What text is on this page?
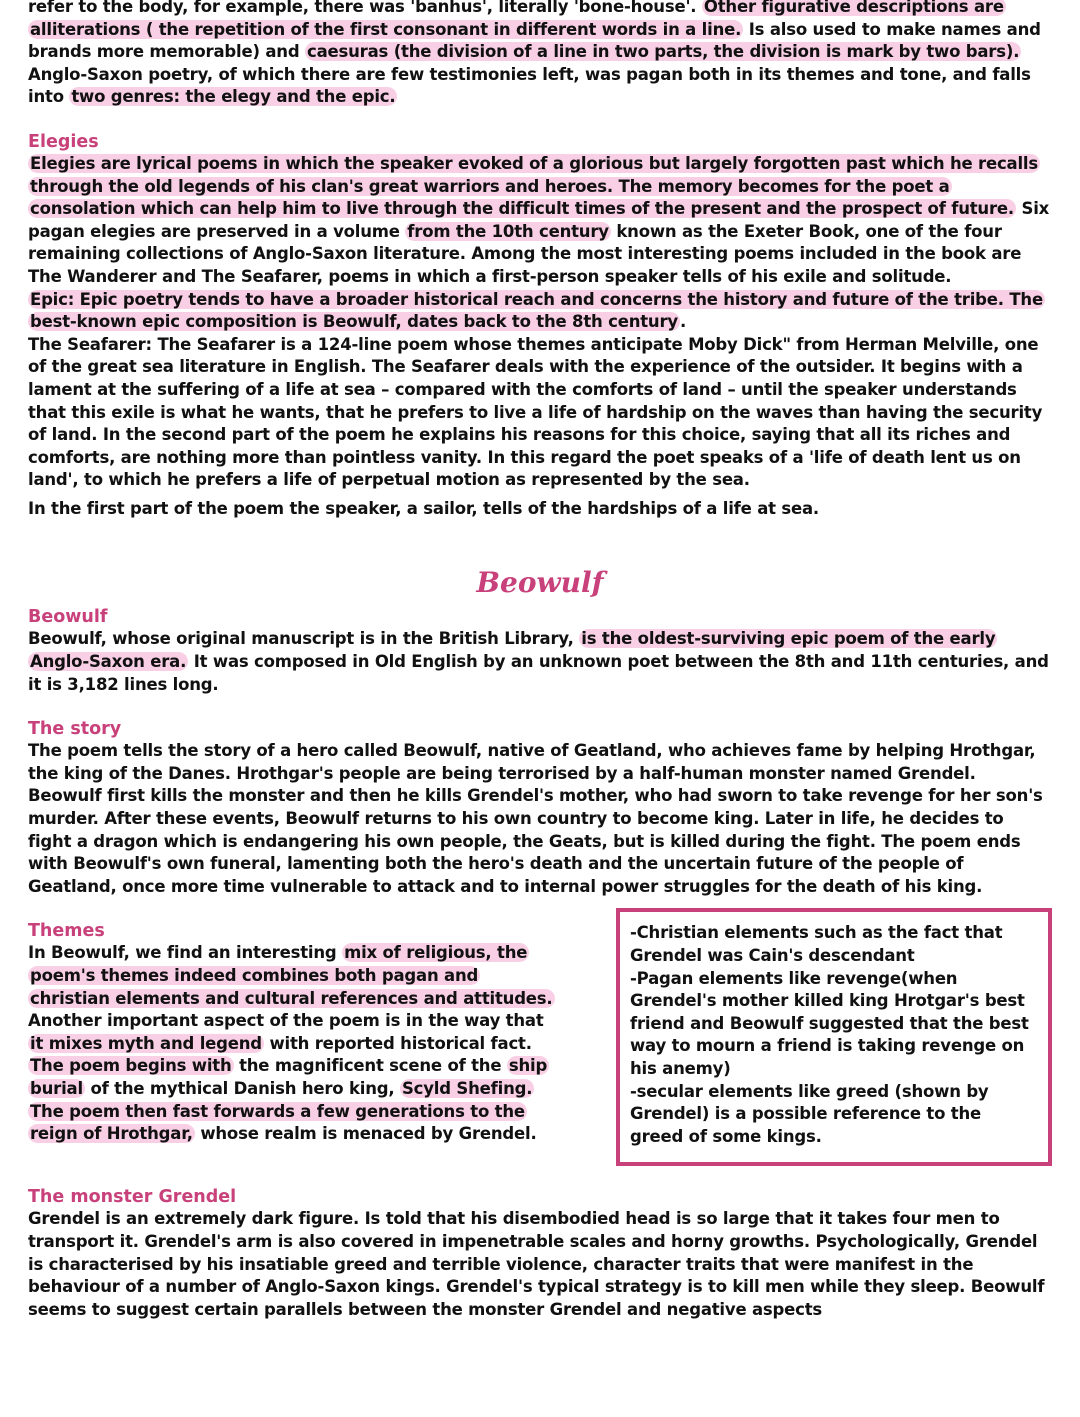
refer to the body, for example, there was 'banhus', literally 'bone-house'. Other figurative descriptions are alliterations ( the repetition of the first consonant in different words in a line. Is also used to make names and brands more memorable) and caesuras (the division of a line in two parts, the division is mark by two bars).

Anglo-Saxon poetry, of which there are few testimonies left, was pagan both in its themes and tone, and falls into two genres: the elegy and the epic.

Elegies

Elegies are lyrical poems in which the speaker evoked of a glorious but largely forgotten past which he recalls through the old legends of his clan's great warriors and heroes. The memory becomes for the poet a consolation which can help him to live through the difficult times of the present and the prospect of future. Six pagan elegies are preserved in a volume from the 10th century known as the Exeter Book, one of the four remaining collections of Anglo-Saxon literature. Among the most interesting poems included in the book are The Wanderer and The Seafarer, poems in which a first-person speaker tells of his exile and solitude.

Epic: Epic poetry tends to have a broader historical reach and concerns the history and future of the tribe. The best-known epic composition is Beowulf, dates back to the 8th century .

The Seafarer: The Seafarer is a 124-line poem whose themes anticipate Moby Dick" from Herman Melville, one of the great sea literature in English. The Seafarer deals with the experience of the outsider. It begins with a lament at the suffering of a life at sea – compared with the comforts of land – until the speaker understands that this exile is what he wants, that he prefers to live a life of hardship on the waves than having the security of land. In the second part of the poem he explains his reasons for this choice, saying that all its riches and comforts, are nothing more than pointless vanity. In this regard the poet speaks of a 'life of death lent us on land', to which he prefers a life of perpetual motion as represented by the sea.

In the first part of the poem the speaker, a sailor, tells of the hardships of a life at sea.

Beowulf
Beowulf

Beowulf, whose original manuscript is in the British Library, is the oldest-surviving epic poem of the early Anglo-Saxon era. It was composed in Old English by an unknown poet between the 8th and 11th centuries, and it is 3,182 lines long.

The story

The poem tells the story of a hero called Beowulf, native of Geatland, who achieves fame by helping Hrothgar, the king of the Danes. Hrothgar's people are being terrorised by a half-human monster named Grendel. Beowulf first kills the monster and then he kills Grendel's mother, who had sworn to take revenge for her son's murder. After these events, Beowulf returns to his own country to become king. Later in life, he decides to fight a dragon which is endangering his own people, the Geats, but is killed during the fight. The poem ends with Beowulf's own funeral, lamenting both the hero's death and the uncertain future of the people of Geatland, once more time vulnerable to attack and to internal power struggles for the death of his king.

Themes

In Beowulf, we find an interesting mix of religious, the poem's themes indeed combines both pagan and christian elements and cultural references and attitudes. Another important aspect of the poem is in the way that it mixes myth and legend with reported historical fact. The poem begins with the magnificent scene of the ship burial of the mythical Danish hero king, Scyld Shefing. The poem then fast forwards a few generations to the reign of Hrothgar, whose realm is menaced by Grendel.

-Christian elements such as the fact that Grendel was Cain's descendant

-Pagan elements like revenge(when Grendel's mother killed king Hrotgar's best friend and Beowulf suggested that the best way to mourn a friend is taking revenge on his anemy)

-secular elements like greed (shown by Grendel) is a possible reference to the greed of some kings.

The monster Grendel

Grendel is an extremely dark figure. Is told that his disembodied head is so large that it takes four men to transport it. Grendel's arm is also covered in impenetrable scales and horny growths. Psychologically, Grendel is characterised by his insatiable greed and terrible violence, character traits that were manifest in the behaviour of a number of Anglo-Saxon kings. Grendel's typical strategy is to kill men while they sleep. Beowulf seems to suggest certain parallels between the monster Grendel and negative aspects
